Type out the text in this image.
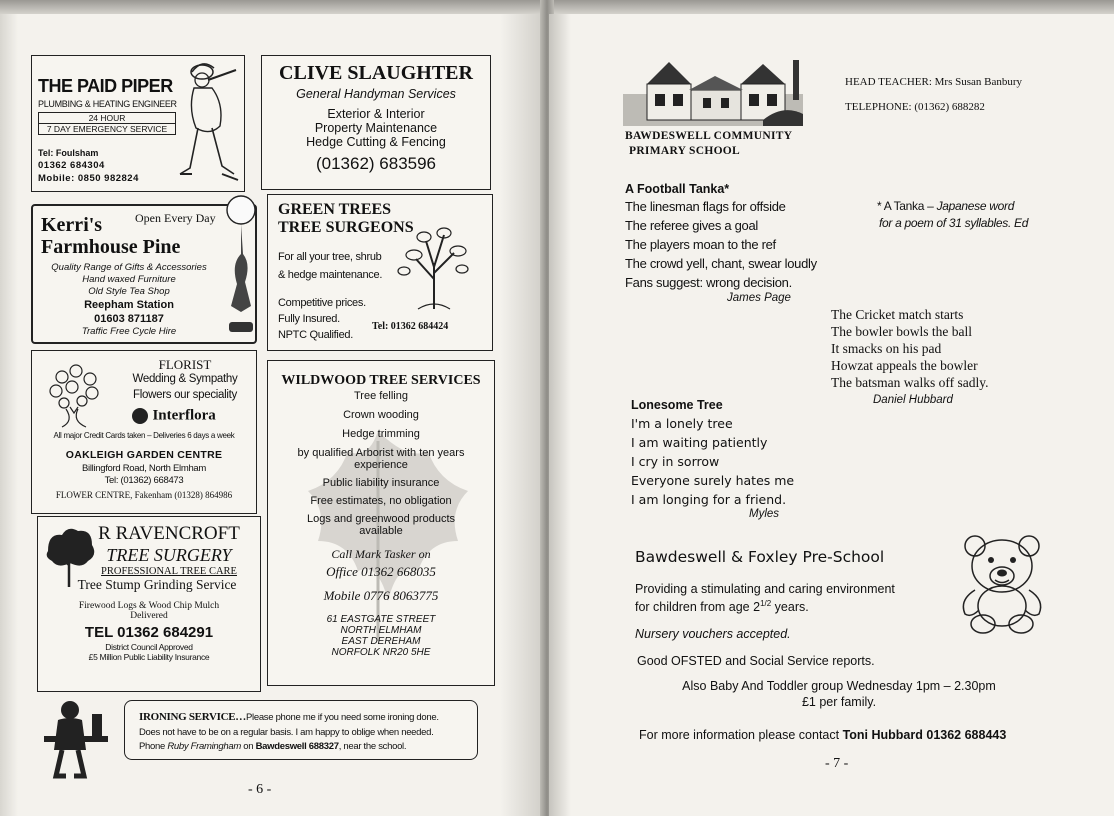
THE PAID PIPER
PLUMBING & HEATING ENGINEER
24 HOUR
7 DAY EMERGENCY SERVICE
Tel: Foulsham
01362 684304
Mobile: 0850 982824
CLIVE SLAUGHTER
General Handyman Services
Exterior & Interior
Property Maintenance
Hedge Cutting & Fencing
(01362) 683596
Open Every Day
Kerri's
Farmhouse Pine
Quality Range of Gifts & Accessories
Hand waxed Furniture
Old Style Tea Shop
Reepham Station
01603 871187
Traffic Free Cycle Hire
GREEN TREES
TREE SURGEONS
For all your tree, shrub
& hedge maintenance.
Competitive prices.
Fully Insured.
NPTC Qualified.
Tel: 01362 684424
FLORIST
Wedding & Sympathy
Flowers our speciality
Interflora
All major Credit Cards taken – Deliveries 6 days a week
OAKLEIGH GARDEN CENTRE
Billingford Road, North Elmham
Tel: (01362) 668473
FLOWER CENTRE, Fakenham (01328) 864986
WILDWOOD TREE SERVICES
Tree felling
Crown wooding
Hedge trimming
by qualified Arborist with ten years
experience
Public liability insurance
Free estimates, no obligation
Logs and greenwood products
available
Call Mark Tasker on
Office 01362 668035
Mobile 0776 8063775
61 EASTGATE STREET
NORTH ELMHAM
EAST DEREHAM
NORFOLK NR20 5HE
R RAVENCROFT
TREE SURGERY
PROFESSIONAL TREE CARE
Tree Stump Grinding Service
Firewood Logs & Wood Chip Mulch
Delivered
TEL 01362 684291
District Council Approved
£5 Million Public Liability Insurance
IRONING SERVICE…Please phone me if you need some ironing done.
Does not have to be on a regular basis. I am happy to oblige when needed.
Phone Ruby Framingham on Bawdeswell 688327, near the school.
- 6 -
BAWDESWELL COMMUNITY
PRIMARY SCHOOL
HEAD TEACHER: Mrs Susan Banbury
TELEPHONE: (01362) 688282
A Football Tanka*
The linesman flags for offside
The referee gives a goal
The players moan to the ref
The crowd yell, chant, swear loudly
Fans suggest: wrong decision.
James Page
* A Tanka – Japanese word
for a poem of 31 syllables. Ed
The Cricket match starts
The bowler bowls the ball
It smacks on his pad
Howzat appeals the bowler
The batsman walks off sadly.
Daniel Hubbard
Lonesome Tree
I'm a lonely tree
I am waiting patiently
I cry in sorrow
Everyone surely hates me
I am longing for a friend.
Myles
Bawdeswell & Foxley Pre-School
Providing a stimulating and caring environment
for children from age $2^{1/2}$ years.
Nursery vouchers accepted.
Good OFSTED and Social Service reports.
Also Baby And Toddler group Wednesday 1pm – 2.30pm
£1 per family.
For more information please contact Toni Hubbard 01362 688443
- 7 -
